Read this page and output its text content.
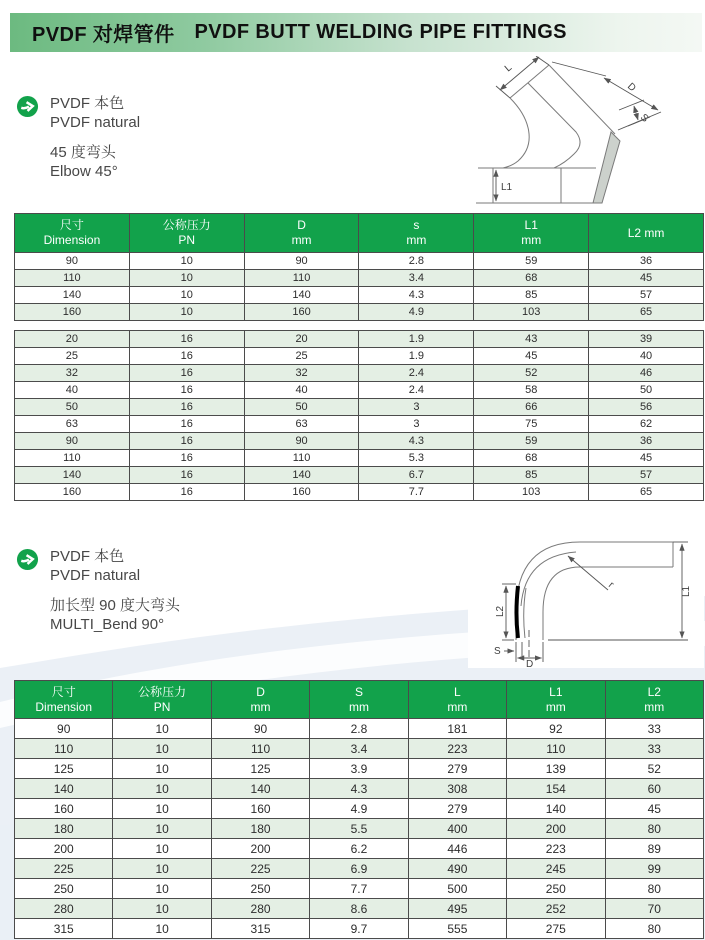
PVDF 对焊管件 PVDF BUTT WELDING PIPE FITTINGS
PVDF 本色
PVDF natural
45 度弯头
Elbow 45°
L
D
S
L1
尺寸
Dimension

公称压力
PN

D
mm

s
mm

L1
mm

L2 mm

90	10	90	2.8	59	36
110	10	110	3.4	68	45
140	10	140	4.3	85	57
160	10	160	4.9	103	65
20	16	20	1.9	43	39
25	16	25	1.9	45	40
32	16	32	2.4	52	46
40	16	40	2.4	58	50
50	16	50	3	66	56
63	16	63	3	75	62
90	16	90	4.3	59	36
110	16	110	5.3	68	45
140	16	140	6.7	85	57
160	16	160	7.7	103	65
PVDF 本色
PVDF natural
加长型 90 度大弯头
MULTI_Bend 90°
r
L1
L2
S
D
尺寸
Dimension

公称压力
PN

D
mm

S
mm

L
mm

L1
mm

L2
mm

90	10	90	2.8	181	92	33
110	10	110	3.4	223	110	33
125	10	125	3.9	279	139	52
140	10	140	4.3	308	154	60
160	10	160	4.9	279	140	45
180	10	180	5.5	400	200	80
200	10	200	6.2	446	223	89
225	10	225	6.9	490	245	99
250	10	250	7.7	500	250	80
280	10	280	8.6	495	252	70
315	10	315	9.7	555	275	80
